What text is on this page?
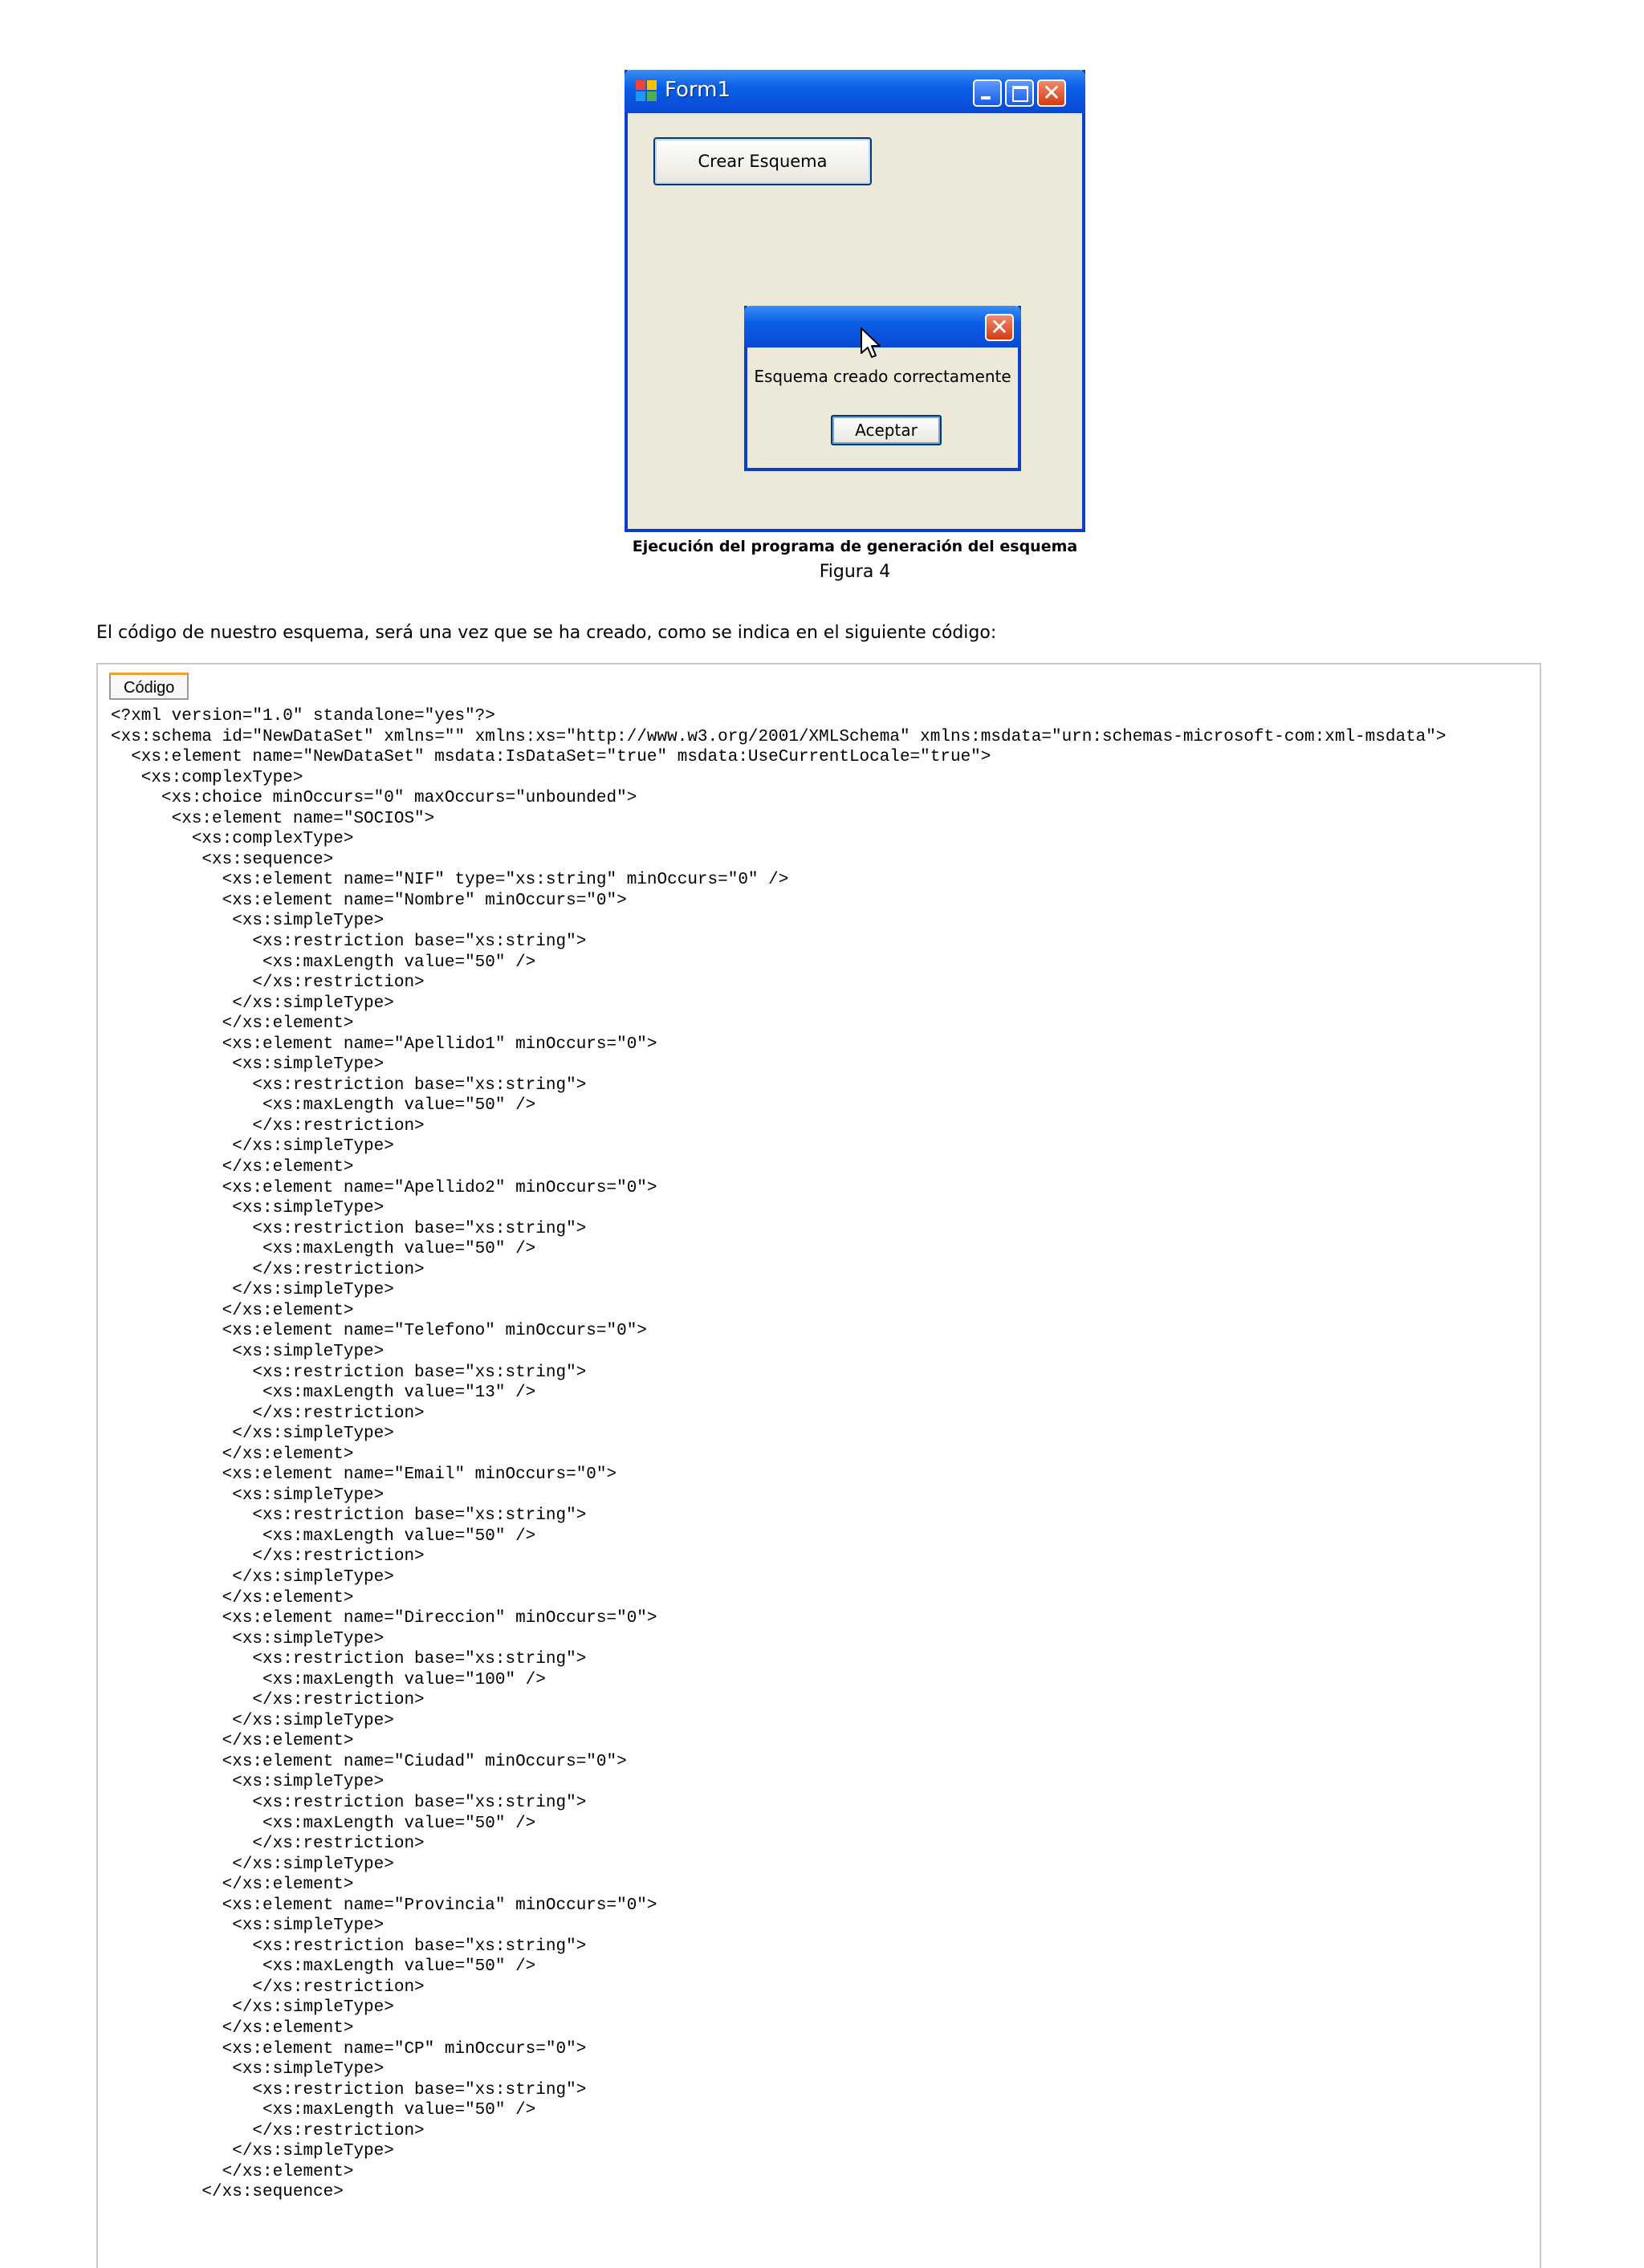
Form1	✕
Crear Esquema
✕
Esquema creado correctamente
Aceptar
Ejecución del programa de generación del esquema
Figura 4
El código de nuestro esquema, será una vez que se ha creado, como se indica en el siguiente código:
Código
<?xml version="1.0" standalone="yes"?>
<xs:schema id="NewDataSet" xmlns="" xmlns:xs="http://www.w3.org/2001/XMLSchema" xmlns:msdata="urn:schemas-microsoft-com:xml-msdata">
<xs:element name="NewDataSet" msdata:IsDataSet="true" msdata:UseCurrentLocale="true">
<xs:complexType>
<xs:choice minOccurs="0" maxOccurs="unbounded">
<xs:element name="SOCIOS">
<xs:complexType>
<xs:sequence>
<xs:element name="NIF" type="xs:string" minOccurs="0" />
<xs:element name="Nombre" minOccurs="0">
<xs:simpleType>
<xs:restriction base="xs:string">
<xs:maxLength value="50" />
</xs:restriction>
</xs:simpleType>
</xs:element>
<xs:element name="Apellido1" minOccurs="0">
<xs:simpleType>
<xs:restriction base="xs:string">
<xs:maxLength value="50" />
</xs:restriction>
</xs:simpleType>
</xs:element>
<xs:element name="Apellido2" minOccurs="0">
<xs:simpleType>
<xs:restriction base="xs:string">
<xs:maxLength value="50" />
</xs:restriction>
</xs:simpleType>
</xs:element>
<xs:element name="Telefono" minOccurs="0">
<xs:simpleType>
<xs:restriction base="xs:string">
<xs:maxLength value="13" />
</xs:restriction>
</xs:simpleType>
</xs:element>
<xs:element name="Email" minOccurs="0">
<xs:simpleType>
<xs:restriction base="xs:string">
<xs:maxLength value="50" />
</xs:restriction>
</xs:simpleType>
</xs:element>
<xs:element name="Direccion" minOccurs="0">
<xs:simpleType>
<xs:restriction base="xs:string">
<xs:maxLength value="100" />
</xs:restriction>
</xs:simpleType>
</xs:element>
<xs:element name="Ciudad" minOccurs="0">
<xs:simpleType>
<xs:restriction base="xs:string">
<xs:maxLength value="50" />
</xs:restriction>
</xs:simpleType>
</xs:element>
<xs:element name="Provincia" minOccurs="0">
<xs:simpleType>
<xs:restriction base="xs:string">
<xs:maxLength value="50" />
</xs:restriction>
</xs:simpleType>
</xs:element>
<xs:element name="CP" minOccurs="0">
<xs:simpleType>
<xs:restriction base="xs:string">
<xs:maxLength value="50" />
</xs:restriction>
</xs:simpleType>
</xs:element>
</xs:sequence>
